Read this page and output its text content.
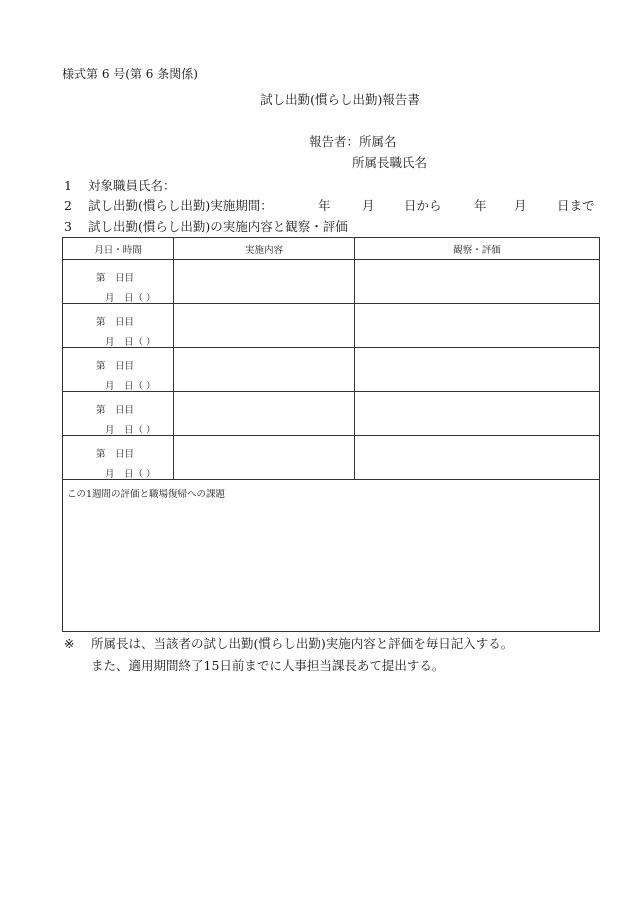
様式第 6 号(第 6 条関係)
試し出勤(慣らし出勤)報告書
報告者：所属名
所属長職氏名
1 対象職員氏名：
2 試し出勤(慣らし出勤)実施期間：	年	月 日から	年 月 日まで
3 試し出勤(慣らし出勤)の実施内容と観察・評価
月日・時間	実施内容	観察・評価

第　日目
月　日（ ）		

第　日目
月　日（ ）		

第　日目
月　日（ ）		

第　日目
月　日（ ）		

第　日目
月　日（ ）		

この1週間の評価と職場復帰への課題		
※ 所属長は、当該者の試し出勤(慣らし出勤)実施内容と評価を毎日記入する。
また、適用期間終了15日前までに人事担当課長あて提出する。
